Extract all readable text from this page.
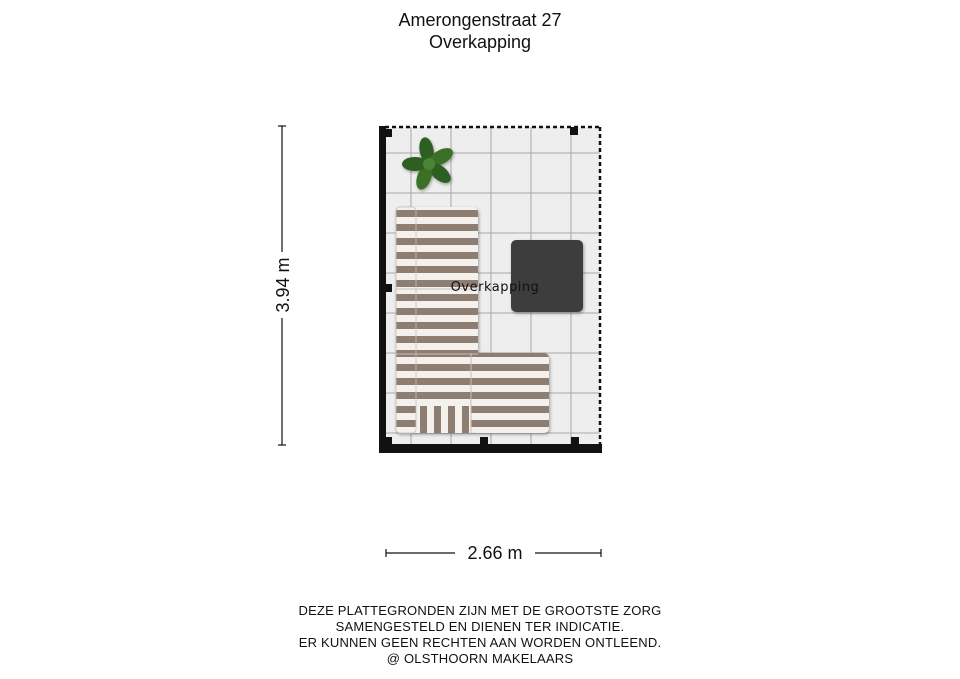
Amerongenstraat 27
Overkapping
Overkapping
3.94 m
2.66 m
DEZE PLATTEGRONDEN ZIJN MET DE GROOTSTE ZORG
SAMENGESTELD EN DIENEN TER INDICATIE.
ER KUNNEN GEEN RECHTEN AAN WORDEN ONTLEEND.
@ OLSTHOORN MAKELAARS
